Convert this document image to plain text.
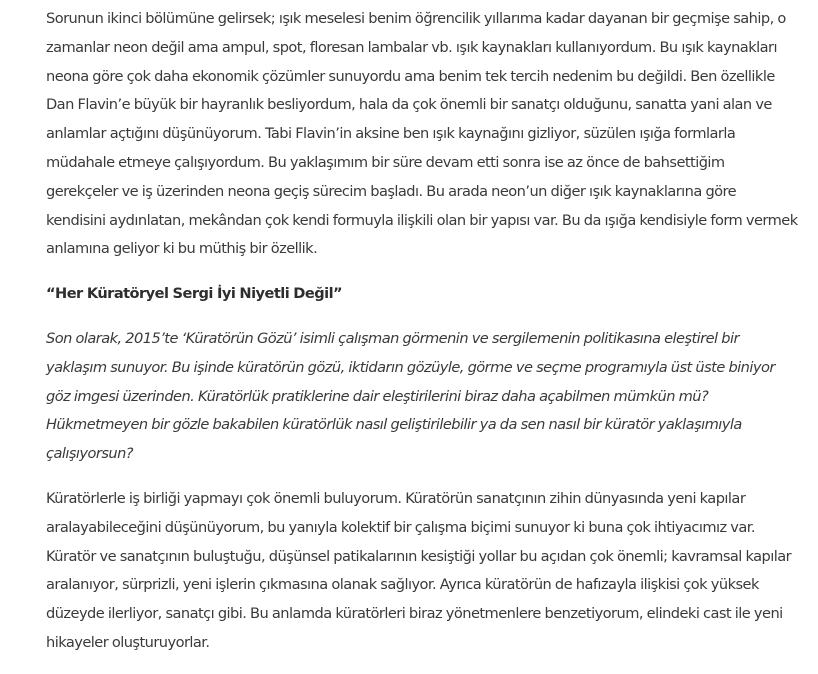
Sorunun ikinci bölümüne gelirsek; ışık meselesi benim öğrencilik yıllarıma kadar dayanan bir geçmişe sahip, o zamanlar neon değil ama ampul, spot, floresan lambalar vb. ışık kaynakları kullanıyordum. Bu ışık kaynakları neona göre çok daha ekonomik çözümler sunuyordu ama benim tek tercih nedenim bu değildi. Ben özellikle Dan Flavin’e büyük bir hayranlık besliyordum, hala da çok önemli bir sanatçı olduğunu, sanatta yani alan ve anlamlar açtığını düşünüyorum. Tabi Flavin’in aksine ben ışık kaynağını gizliyor, süzülen ışığa formlarla müdahale etmeye çalışıyordum. Bu yaklaşımım bir süre devam etti sonra ise az önce de bahsettiğim gerekçeler ve iş üzerinden neona geçiş sürecim başladı. Bu arada neon’un diğer ışık kaynaklarına göre kendisini aydınlatan, mekândan çok kendi formuyla ilişkili olan bir yapısı var. Bu da ışığa kendisiyle form vermek anlamına geliyor ki bu müthiş bir özellik.

“Her Küratöryel Sergi İyi Niyetli Değil”

Son olarak, 2015’te ‘Küratörün Gözü’ isimli çalışman görmenin ve sergilemenin politikasına eleştirel bir yaklaşım sunuyor. Bu işinde küratörün gözü, iktidarın gözüyle, görme ve seçme programıyla üst üste biniyor göz imgesi üzerinden. Küratörlük pratiklerine dair eleştirilerini biraz daha açabilmen mümkün mü? Hükmetmeyen bir gözle bakabilen küratörlük nasıl geliştirilebilir ya da sen nasıl bir küratör yaklaşımıyla çalışıyorsun?

Küratörlerle iş birliği yapmayı çok önemli buluyorum. Küratörün sanatçının zihin dünyasında yeni kapılar aralayabileceğini düşünüyorum, bu yanıyla kolektif bir çalışma biçimi sunuyor ki buna çok ihtiyacımız var. Küratör ve sanatçının buluştuğu, düşünsel patikalarının kesiştiği yollar bu açıdan çok önemli; kavramsal kapılar aralanıyor, sürprizli, yeni işlerin çıkmasına olanak sağlıyor. Ayrıca küratörün de hafızayla ilişkisi çok yüksek düzeyde ilerliyor, sanatçı gibi. Bu anlamda küratörleri biraz yönetmenlere benzetiyorum, elindeki cast ile yeni hikayeler oluşturuyorlar.
